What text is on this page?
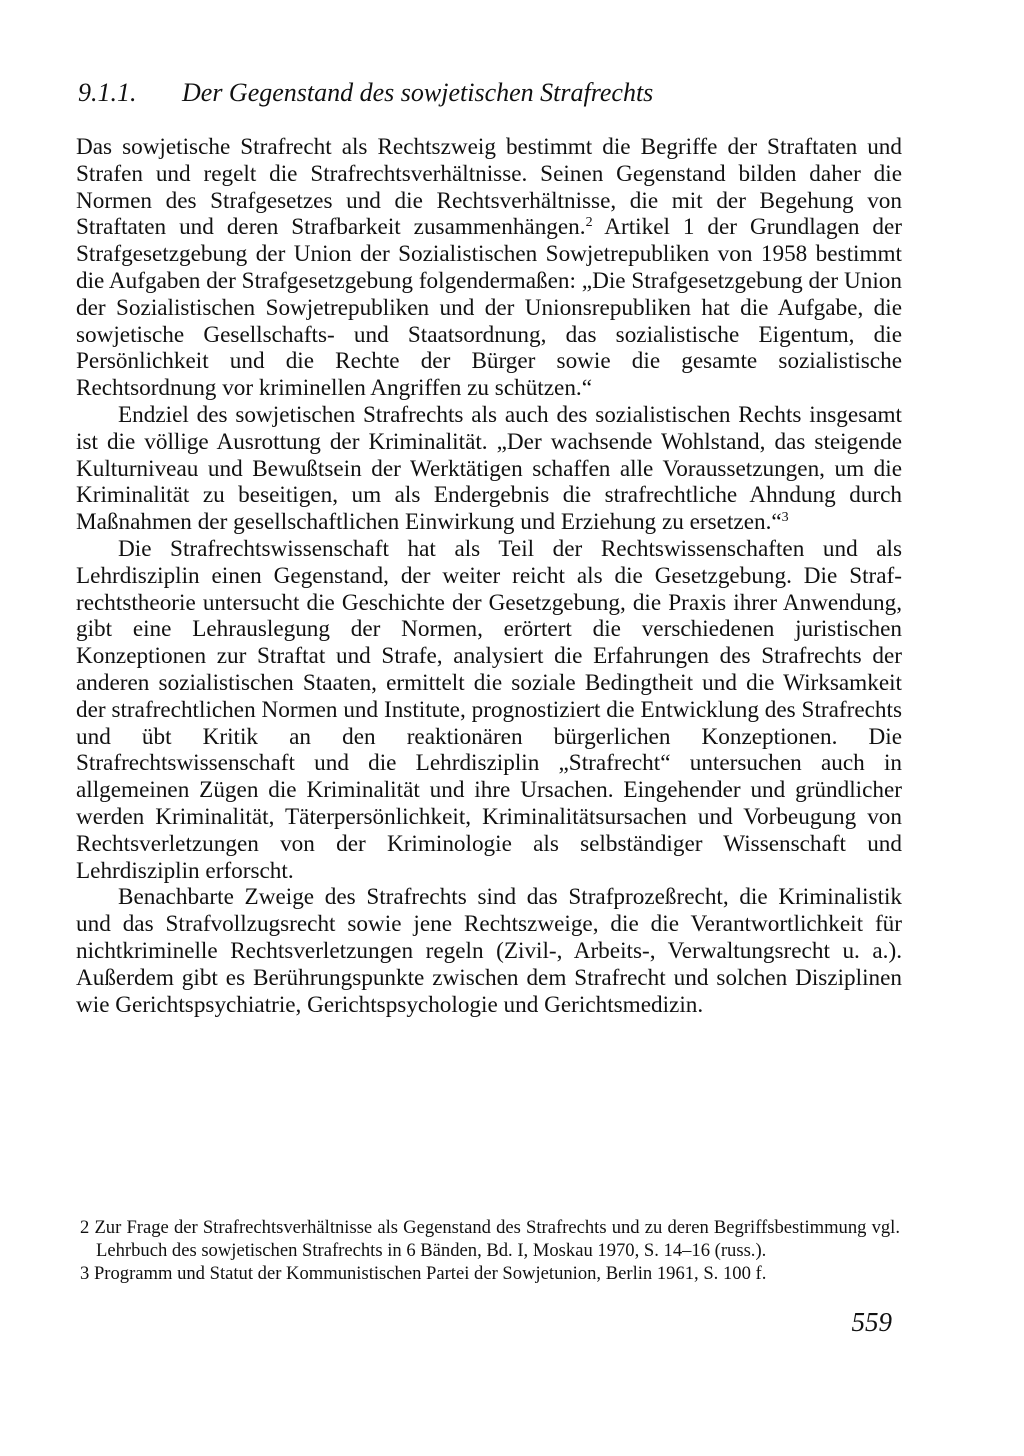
9.1.1. Der Gegenstand des sowjetischen Strafrechts

Das sowjetische Strafrecht als Rechtszweig bestimmt die Begriffe der Straftaten und Strafen und regelt die Strafrechtsverhältnisse. Seinen Gegenstand bilden daher die Normen des Strafgesetzes und die Rechtsverhältnisse, die mit der Begehung von Straftaten und deren Strafbarkeit zusammenhängen.$^2$ Artikel 1 der Grundlagen der Strafgesetzgebung der Union der Sozialistischen Sowjetrepubliken von 1958 bestimmt die Aufgaben der Strafgesetzgebung folgendermaßen: „Die Strafgesetzgebung der Union der Sozialistischen Sowjetrepubliken und der Unionsrepubliken hat die Aufgabe, die sowjetische Gesellschafts- und Staatsordnung, das sozialistische Eigentum, die Persönlichkeit und die Rechte der Bürger sowie die gesamte sozialistische Rechtsordnung vor kriminellen Angriffen zu schützen.“

Endziel des sowjetischen Strafrechts als auch des sozialistischen Rechts insgesamt ist die völlige Ausrottung der Kriminalität. „Der wachsende Wohlstand, das steigende Kulturniveau und Bewußtsein der Werktätigen schaffen alle Voraussetzungen, um die Kriminalität zu beseitigen, um als Endergebnis die strafrechtliche Ahndung durch Maßnahmen der gesellschaftlichen Einwirkung und Erziehung zu ersetzen.“$^3$

Die Strafrechtswissenschaft hat als Teil der Rechtswissenschaften und als Lehrdisziplin einen Gegenstand, der weiter reicht als die Gesetzgebung. Die Strafrechtstheorie untersucht die Geschichte der Gesetzgebung, die Praxis ihrer Anwendung, gibt eine Lehrauslegung der Normen, erörtert die verschiedenen juristischen Konzeptionen zur Straftat und Strafe, analysiert die Erfahrungen des Strafrechts der anderen sozialistischen Staaten, ermittelt die soziale Bedingtheit und die Wirksamkeit der strafrechtlichen Normen und Institute, prognostiziert die Entwicklung des Strafrechts und übt Kritik an den reaktionären bürgerlichen Konzeptionen. Die Strafrechtswissenschaft und die Lehrdisziplin „Strafrecht“ untersuchen auch in allgemeinen Zügen die Kriminalität und ihre Ursachen. Eingehender und gründlicher werden Kriminalität, Täterpersönlichkeit, Kriminalitätsursachen und Vorbeugung von Rechtsverletzungen von der Kriminologie als selbständiger Wissenschaft und Lehrdisziplin erforscht.

Benachbarte Zweige des Strafrechts sind das Strafprozeßrecht, die Kriminalistik und das Strafvollzugsrecht sowie jene Rechtszweige, die die Verantwortlichkeit für nichtkriminelle Rechtsverletzungen regeln (Zivil-, Arbeits-, Verwaltungsrecht u. a.). Außerdem gibt es Berührungspunkte zwischen dem Strafrecht und solchen Disziplinen wie Gerichtspsychiatrie, Gerichtspsychologie und Gerichtsmedizin.

2 Zur Frage der Strafrechtsverhältnisse als Gegenstand des Strafrechts und zu deren Begriffsbestimmung vgl. Lehrbuch des sowjetischen Strafrechts in 6 Bänden, Bd. I, Moskau 1970, S. 14–16 (russ.).

3 Programm und Statut der Kommunistischen Partei der Sowjetunion, Berlin 1961, S. 100 f.

559
